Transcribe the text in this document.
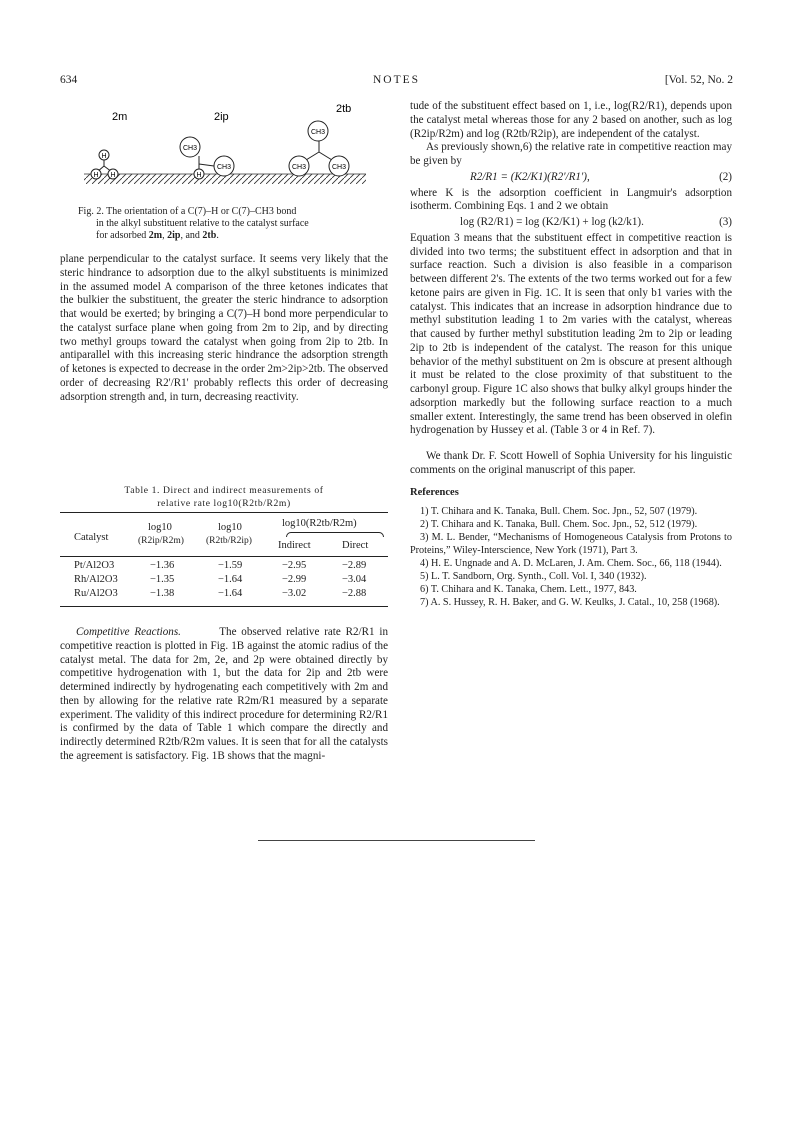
634	NOTES	[Vol. 52, No. 2
2m
H
H H
2ip
CH3
H
CH3
2tb
CH3
CH3	CH3
Fig. 2. The orientation of a C(7)–H or C(7)–CH3 bond

in the alkyl substituent relative to the catalyst surface
for adsorbed 2m, 2ip, and 2tb.

plane perpendicular to the catalyst surface. It seems very likely that the steric hindrance to adsorption due to the alkyl substituents is minimized in the assumed model A comparison of the three ketones indicates that the bulkier the substituent, the greater the steric hindrance to adsorption that would be exerted; by bringing a C(7)–H bond more perpendicular to the catalyst surface plane when going from 2m to 2ip, and by directing two methyl groups toward the catalyst when going from 2ip to 2tb. In antiparallel with this increasing steric hindrance the adsorption strength of ketones is expected to decrease in the order 2m>2ip>2tb. The observed order of decreasing R2'/R1' probably reflects this order of decreasing adsorption strength and, in turn, decreasing reactivity.

Table 1. Direct and indirect measurements of
relative rate log10(R2tb/R2m)
Catalyst
log10
(R2ip/R2m)
log10
(R2tb/R2ip)
log10(R2tb/R2m)
Indirect	Direct
Pt/Al2O3	−1.36	−1.59	−2.95	−2.89
Rh/Al2O3	−1.35	−1.64	−2.99	−3.04
Ru/Al2O3	−1.38	−1.64	−3.02	−2.88

Competitive Reactions.	The observed relative rate R2/R1 in competitive reaction is plotted in Fig. 1B against the atomic radius of the catalyst metal. The data for 2m, 2e, and 2p were obtained directly by competitive hydrogenation with 1, but the data for 2ip and 2tb were determined indirectly by hydrogenating each competitively with 2m and then by allowing for the relative rate R2m/R1 measured by a separate experiment. The validity of this indirect procedure for determining R2/R1 is confirmed by the data of Table 1 which compare the directly and indirectly determined R2tb/R2m values. It is seen that for all the catalysts the agreement is satisfactory. Fig. 1B shows that the magni-

tude of the substituent effect based on 1, i.e., log(R2/R1), depends upon the catalyst metal whereas those for any 2 based on another, such as log (R2ip/R2m) and log (R2tb/R2ip), are independent of the catalyst.

As previously shown,6) the relative rate in competitive reaction may be given by

R2/R1 = (K2/K1)(R2'/R1'),	(2)

where K is the adsorption coefficient in Langmuir's adsorption isotherm. Combining Eqs. 1 and 2 we obtain

log (R2/R1) = log (K2/K1) + log (k2/k1).	(3)

Equation 3 means that the substituent effect in competitive reaction is divided into two terms; the substituent effect in adsorption and that in surface reaction. Such a division is also feasible in a comparison between different 2's. The extents of the two terms worked out for a few ketone pairs are given in Fig. 1C. It is seen that only b1 varies with the catalyst. This indicates that an increase in adsorption hindrance due to methyl substitution leading 1 to 2m varies with the catalyst, whereas that caused by further methyl substitution leading 2m to 2ip or leading 2ip to 2tb is independent of the catalyst. The reason for this unique behavior of the methyl substituent on 2m is obscure at present although it must be related to the close proximity of that substituent to the carbonyl group. Figure 1C also shows that bulky alkyl groups hinder the adsorption markedly but the following surface reaction to a much smaller extent. Interestingly, the same trend has been observed in olefin hydrogenation by Hussey et al. (Table 3 or 4 in Ref. 7).

We thank Dr. F. Scott Howell of Sophia University for his linguistic comments on the original manuscript of this paper.

References

1) T. Chihara and K. Tanaka, Bull. Chem. Soc. Jpn., 52, 507 (1979).

2) T. Chihara and K. Tanaka, Bull. Chem. Soc. Jpn., 52, 512 (1979).

3) M. L. Bender, “Mechanisms of Homogeneous Catalysis from Protons to Proteins,” Wiley-Interscience, New York (1971), Part 3.

4) H. E. Ungnade and A. D. McLaren, J. Am. Chem. Soc., 66, 118 (1944).

5) L. T. Sandborn, Org. Synth., Coll. Vol. I, 340 (1932).

6) T. Chihara and K. Tanaka, Chem. Lett., 1977, 843.

7) A. S. Hussey, R. H. Baker, and G. W. Keulks, J. Catal., 10, 258 (1968).
